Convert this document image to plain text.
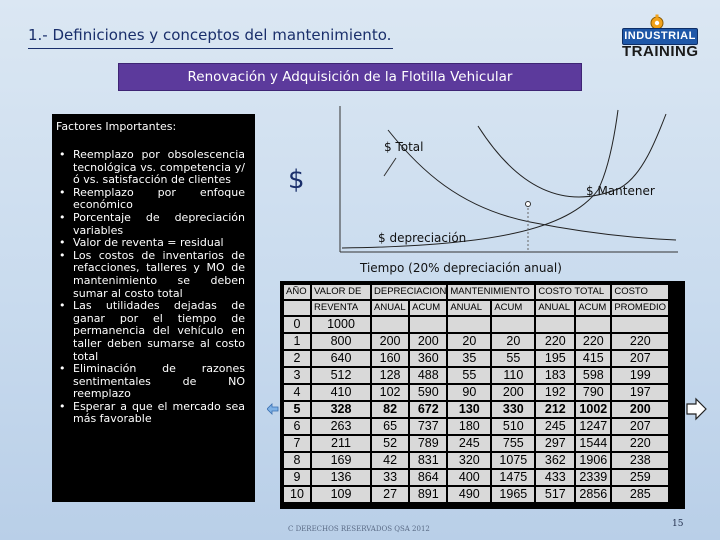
1.- Definiciones y conceptos del mantenimiento.	INDUSTRIAL
TRAINING
Renovación y Adquisición de la Flotilla Vehicular
Factores Importantes:
• Reemplazo por obsolescencia tecnológica vs. competencia y/ó vs. satisfacción de clientes
• Reemplazo por enfoque económico
• Porcentaje de depreciación variables
• Valor de reventa = residual
• Los costos de inventarios de refacciones, talleres y MO de mantenimiento se deben sumar al costo total
• Las utilidades dejadas de ganar por el tiempo de permanencia del vehículo en taller deben sumarse al costo total
• Eliminación de razones sentimentales de NO reemplazo
• Esperar a que el mercado sea más favorable
$
$ Total
$ Mantener
$ depreciación
Tiempo (20% depreciación anual)
AÑO	VALOR DE	DEPRECIACION		MANTENIMIENTO		COSTO TOTAL		COSTO
	REVENTA	ANUAL	ACUM	ANUAL	ACUM	ANUAL	ACUM	PROMEDIO
0	1000							
1	800	200	200	20	20	220	220	220
2	640	160	360	35	55	195	415	207
3	512	128	488	55	110	183	598	199
4	410	102	590	90	200	192	790	197
5	328	82	672	130	330	212	1002	200
6	263	65	737	180	510	245	1247	207
7	211	52	789	245	755	297	1544	220
8	169	42	831	320	1075	362	1906	238
9	136	33	864	400	1475	433	2339	259
10	109	27	891	490	1965	517	2856	285
C DERECHOS RESERVADOS QSA 2012	15
